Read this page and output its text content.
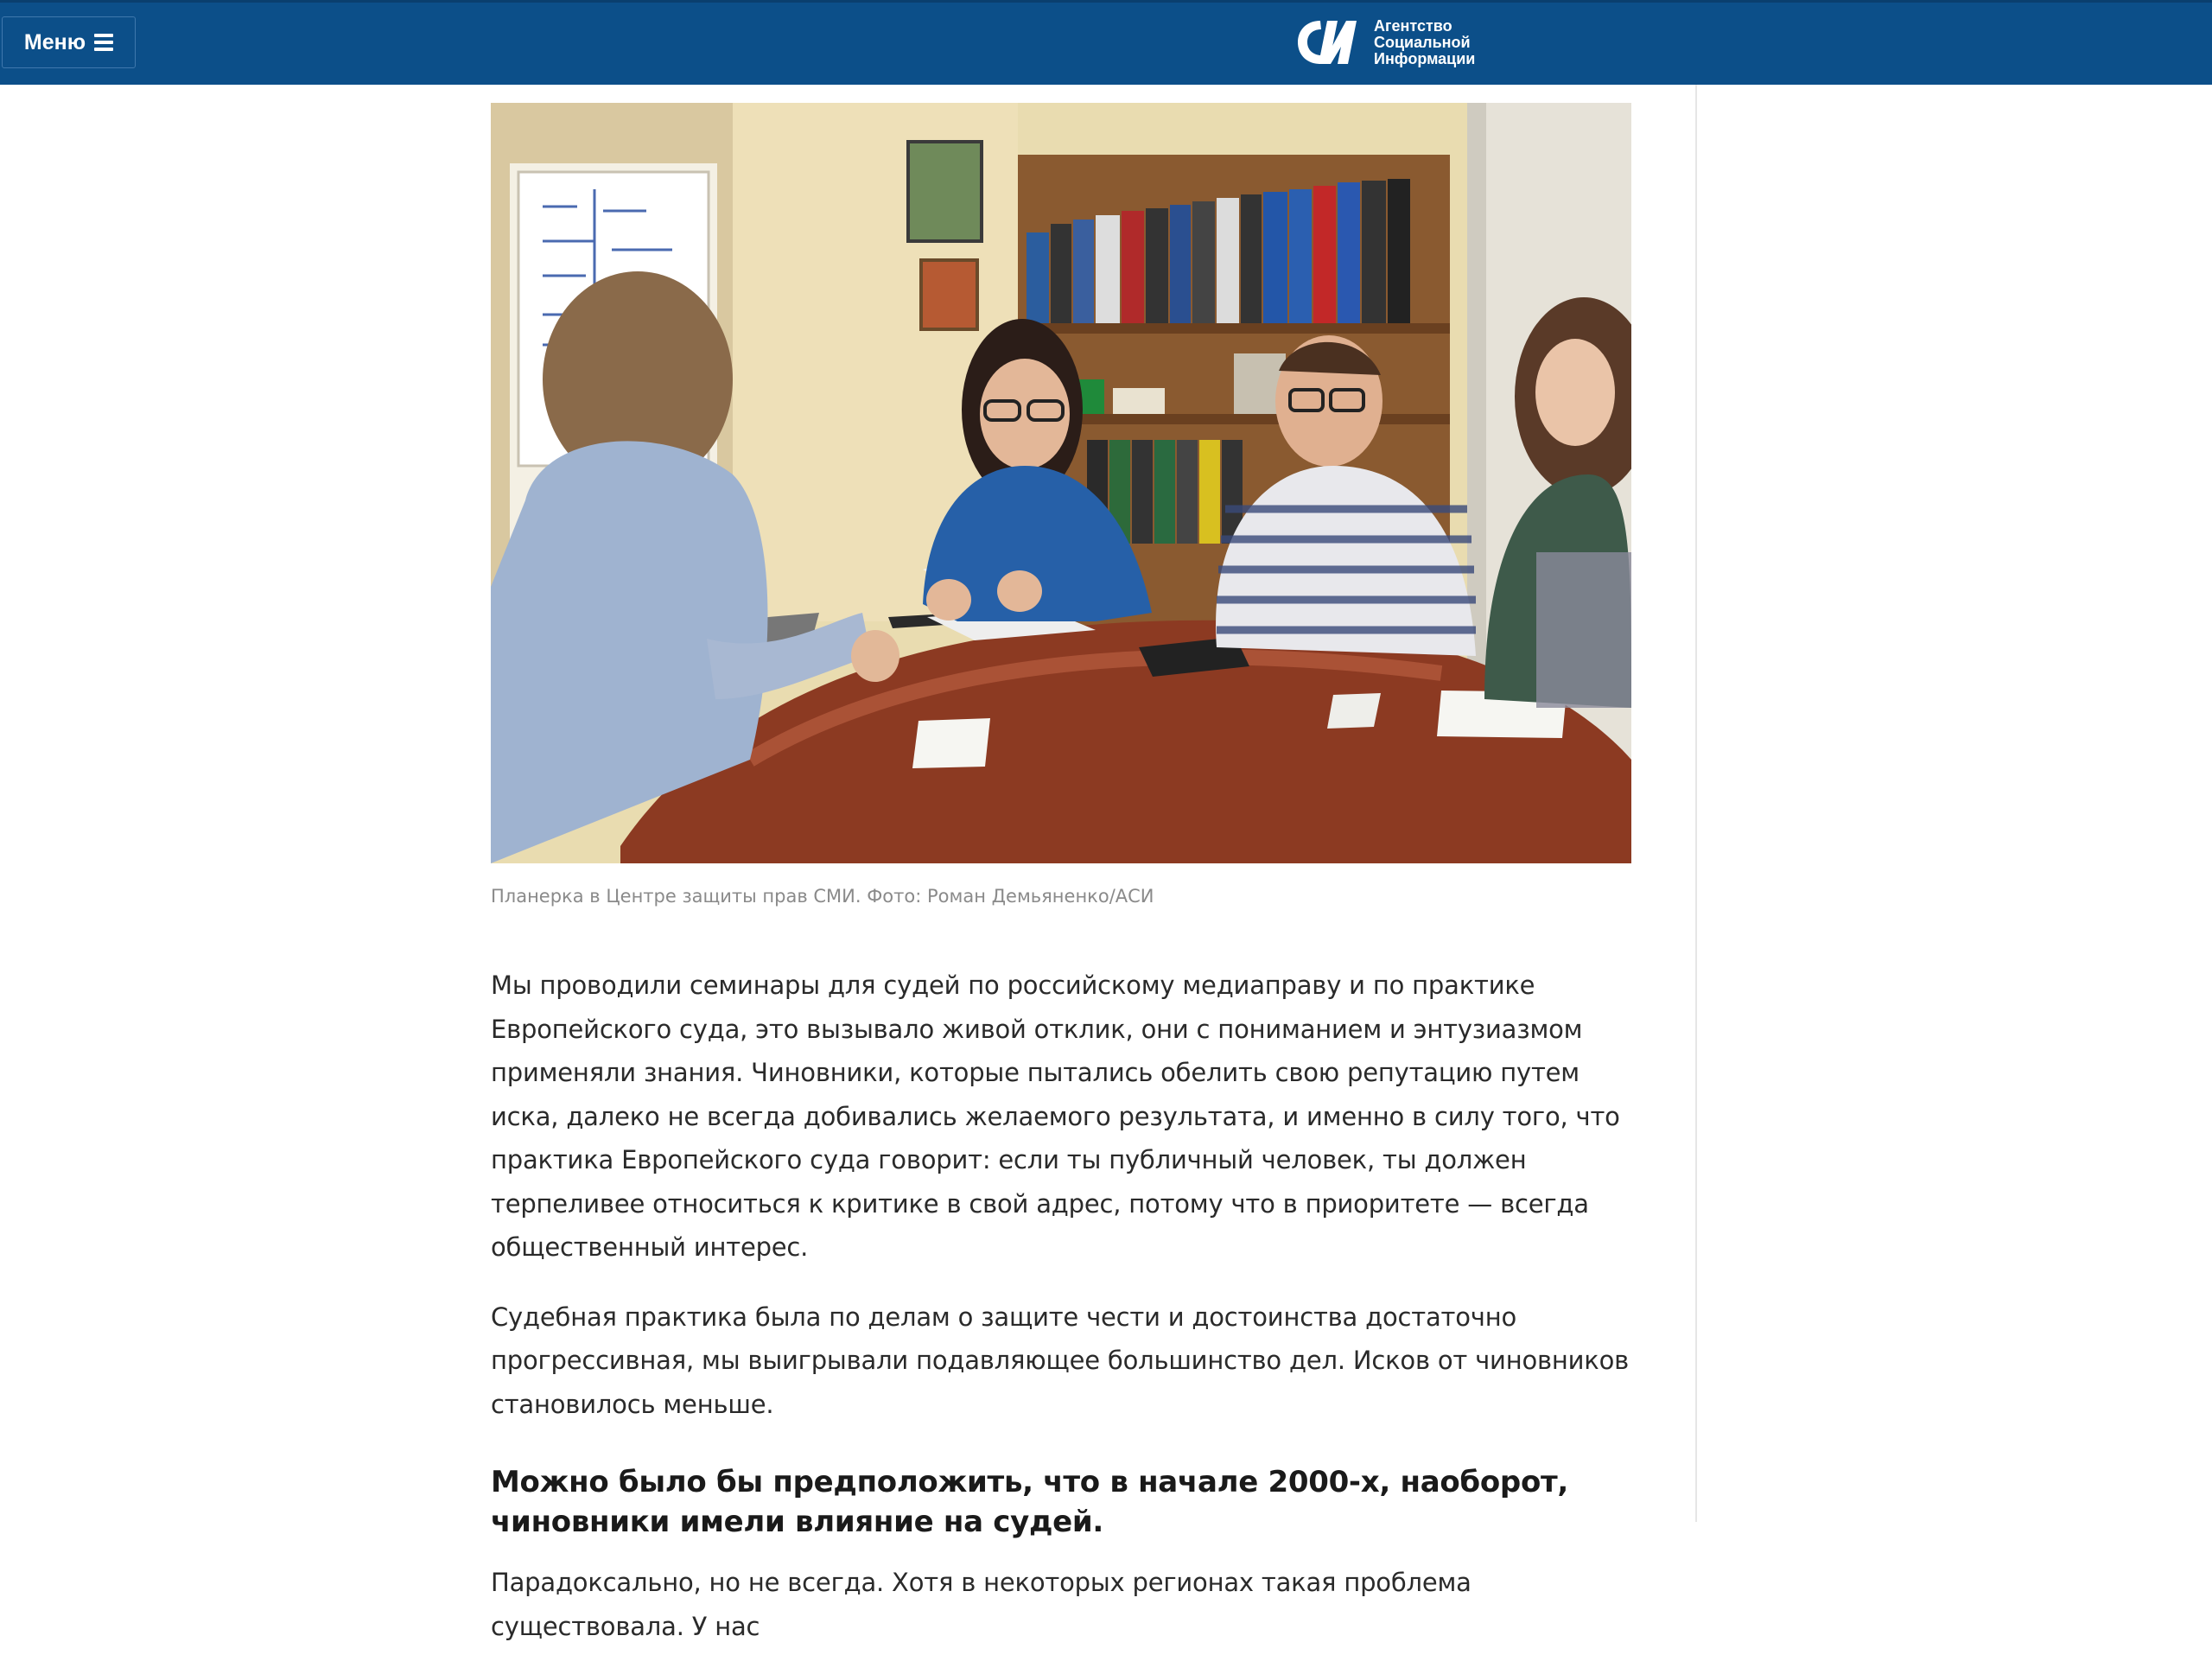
Меню
Агентство
Социальной
Информации
Планерка в Центре защиты прав СМИ. Фото: Роман Демьяненко/АСИ

Мы проводили семинары для судей по российскому медиаправу и по практике Европейского суда, это вызывало живой отклик, они с пониманием и энтузиазмом применяли знания. Чиновники, которые пытались обелить свою репутацию путем иска, далеко не всегда добивались желаемого результата, и именно в силу того, что практика Европейского суда говорит: если ты публичный человек, ты должен терпеливее относиться к критике в свой адрес, потому что в приоритете — всегда общественный интерес.

Судебная практика была по делам о защите чести и достоинства достаточно прогрессивная, мы выигрывали подавляющее большинство дел. Исков от чиновников становилось меньше.

Можно было бы предположить, что в начале 2000-х, наоборот, чиновники имели влияние на судей.

Парадоксально, но не всегда. Хотя в некоторых регионах такая проблема существовала. У нас
